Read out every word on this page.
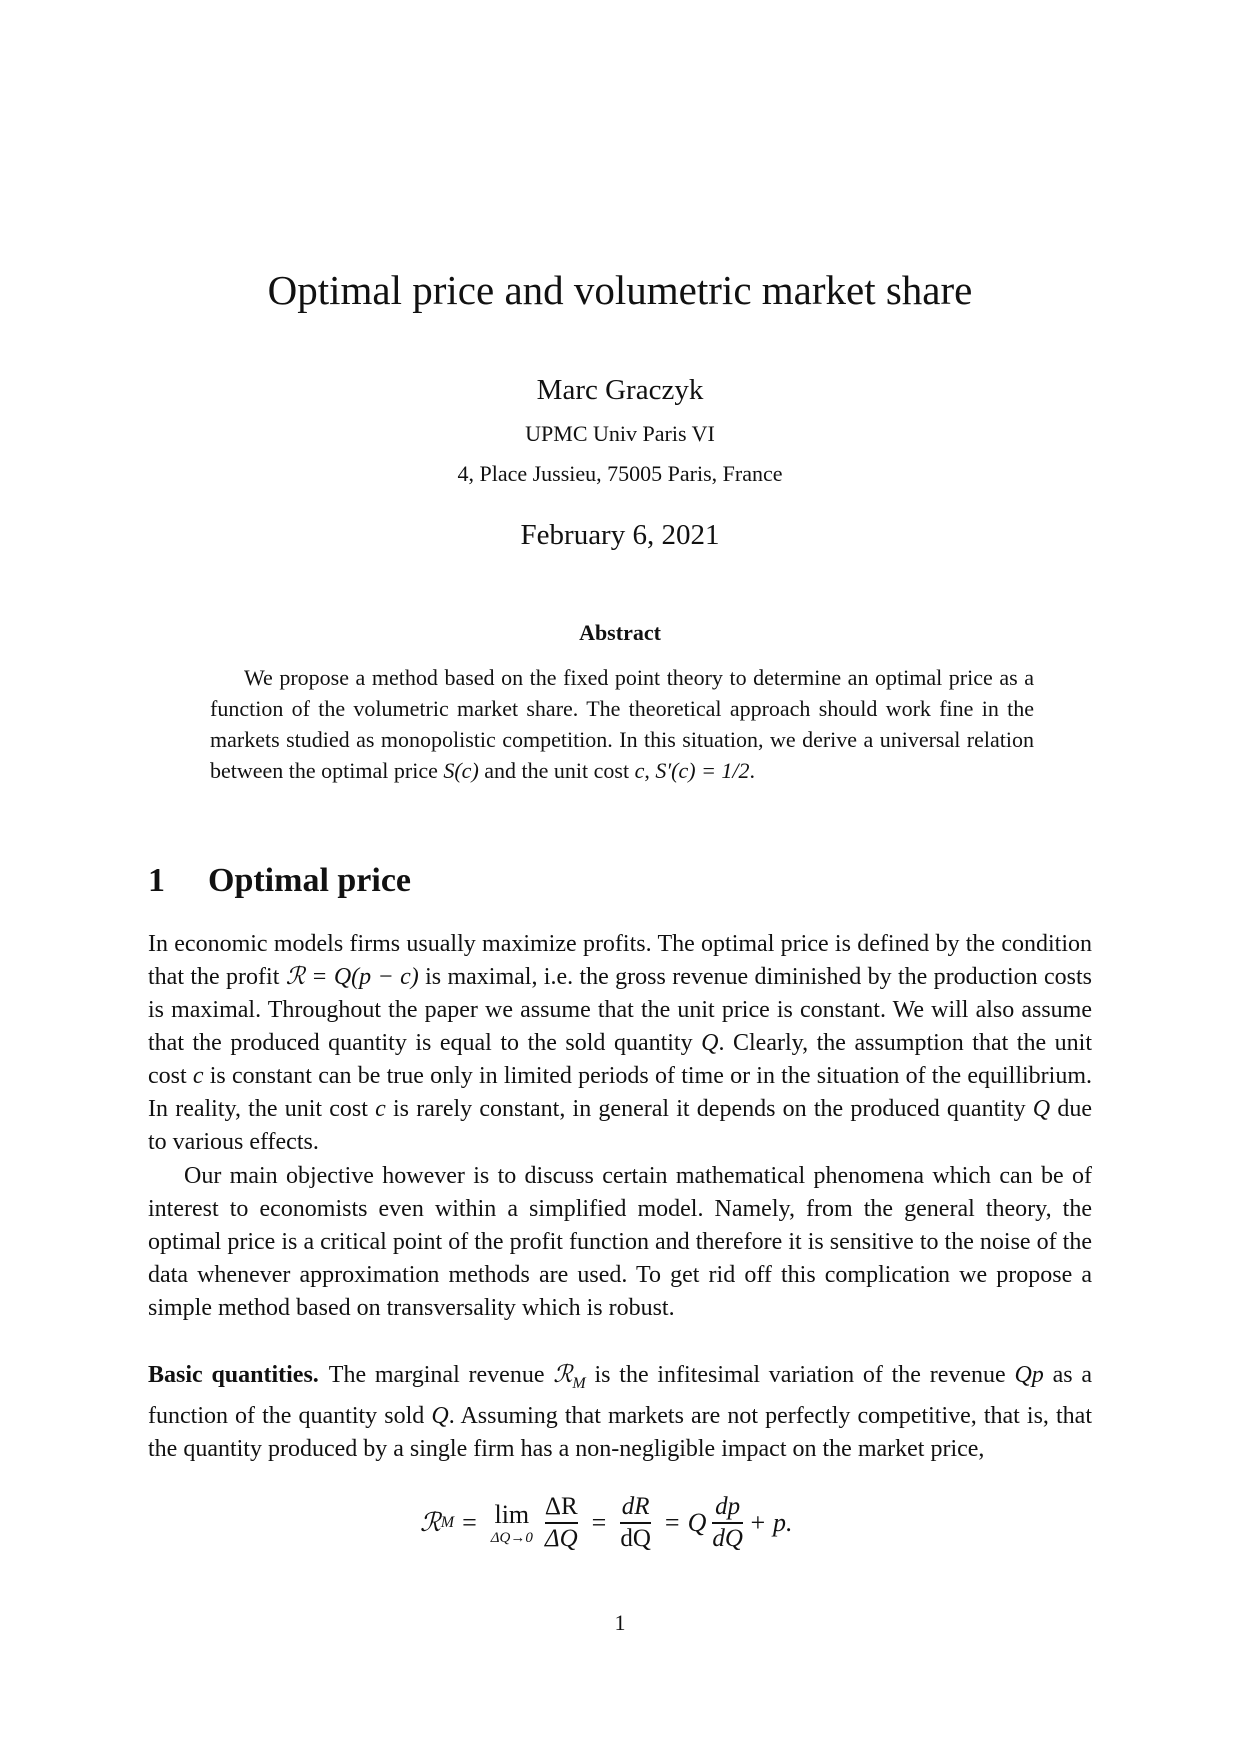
Optimal price and volumetric market share
Marc Graczyk
UPMC Univ Paris VI
4, Place Jussieu, 75005 Paris, France
February 6, 2021
Abstract
We propose a method based on the fixed point theory to determine an optimal price as a function of the volumetric market share. The theoretical approach should work fine in the markets studied as monopolistic competition. In this situation, we derive a universal relation between the optimal price S(c) and the unit cost c, S′(c) = 1/2.
1 Optimal price
In economic models firms usually maximize profits. The optimal price is defined by the condition that the profit ℛ = Q(p − c) is maximal, i.e. the gross revenue diminished by the production costs is maximal. Throughout the paper we assume that the unit price is constant. We will also assume that the produced quantity is equal to the sold quantity Q. Clearly, the assumption that the unit cost c is constant can be true only in limited periods of time or in the situation of the equillibrium. In reality, the unit cost c is rarely constant, in general it depends on the produced quantity Q due to various effects.
Our main objective however is to discuss certain mathematical phenomena which can be of interest to economists even within a simplified model. Namely, from the general theory, the optimal price is a critical point of the profit function and therefore it is sensitive to the noise of the data whenever approximation methods are used. To get rid off this complication we propose a simple method based on transversality which is robust.
Basic quantities. The marginal revenue ℛ$_M$ is the infitesimal variation of the revenue Qp as a function of the quantity sold Q. Assuming that markets are not perfectly competitive, that is, that the quantity produced by a single firm has a non-negligible impact on the market price,
ℛ M = lim
$\Delta Q\to 0 \frac{\Delta R}{\Delta Q} = \frac{dR}{dQ} = Q \frac{dp}{dQ} + p$.
1
